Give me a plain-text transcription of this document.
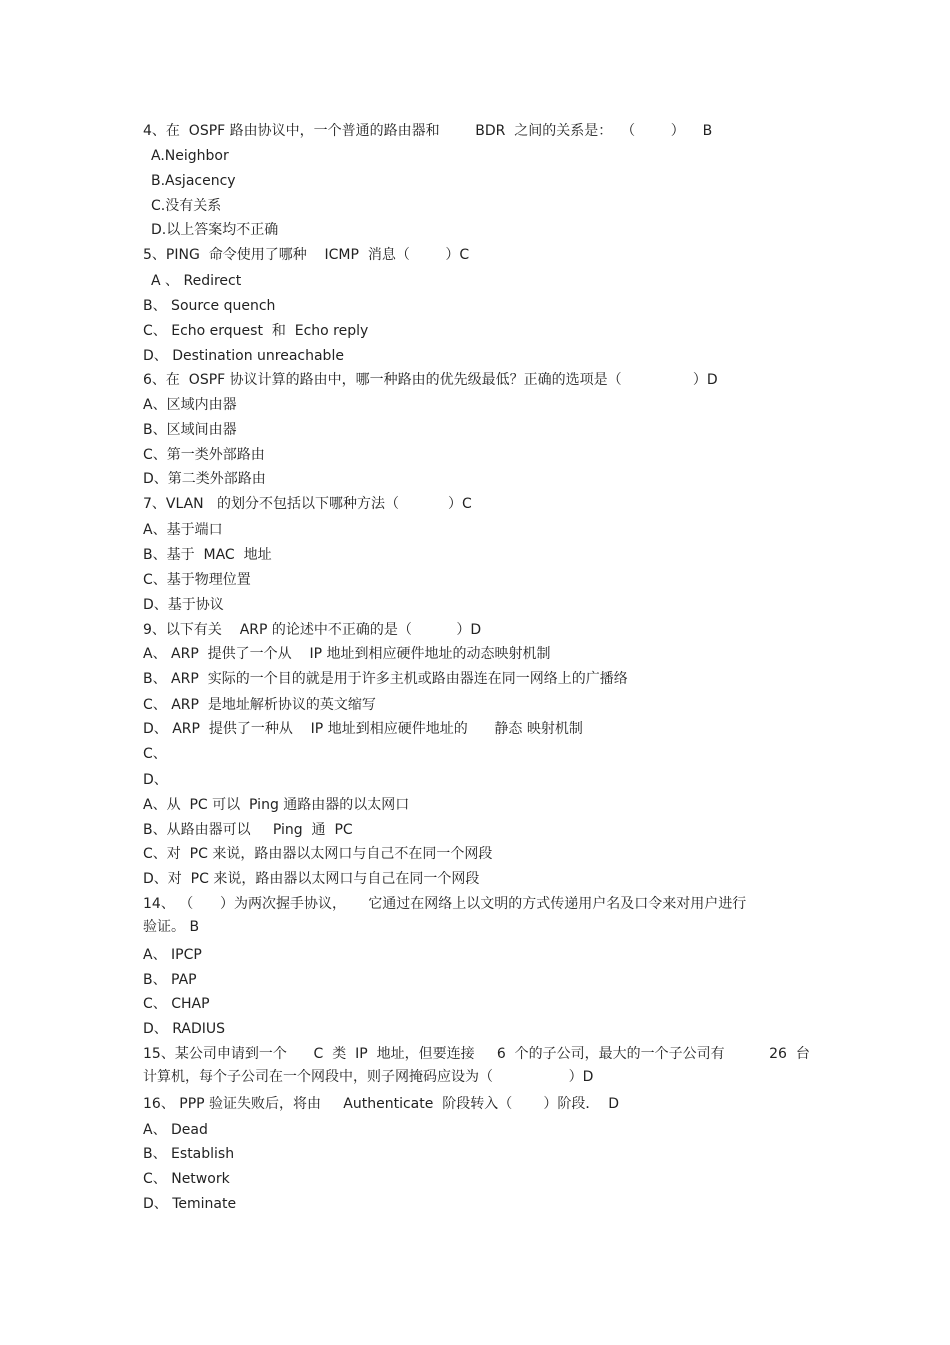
4、在  OSPF 路由协议中，一个普通的路由器和        BDR  之间的关系是：  （        ）    B
A.Neighbor
B.Asjacency
C.没有关系
D.以上答案均不正确
5、PING  命令使用了哪种    ICMP  消息（        ）C
A 、 Redirect
B、 Source quench
C、 Echo erquest  和  Echo reply
D、 Destination unreachable
6、在  OSPF 协议计算的路由中，哪一种路由的优先级最低？正确的选项是（                ）D
A、区域内由器
B、区域间由器
C、第一类外部路由
D、第二类外部路由
7、VLAN   的划分不包括以下哪种方法（           ）C
A、基于端口
B、基于  MAC  地址
C、基于物理位置
D、基于协议
9、以下有关    ARP 的论述中不正确的是（          ）D
A、 ARP  提供了一个从    IP 地址到相应硬件地址的动态映射机制
B、 ARP  实际的一个目的就是用于许多主机或路由器连在同一网络上的广播络
C、 ARP  是地址解析协议的英文缩写
D、 ARP  提供了一种从    IP 地址到相应硬件地址的      静态 映射机制
C、
D、
A、从  PC 可以  Ping 通路由器的以太网口
B、从路由器可以     Ping  通  PC
C、对  PC 来说，路由器以太网口与自己不在同一个网段
D、对  PC 来说，路由器以太网口与自己在同一个网段
14、 （      ）为两次握手协议，     它通过在网络上以文明的方式传递用户名及口令来对用户进行
验证。 B
A、 IPCP
B、 PAP
C、 CHAP
D、 RADIUS
15、某公司申请到一个      C  类  IP  地址，但要连接     6  个的子公司，最大的一个子公司有          26  台
计算机，每个子公司在一个网段中，则子网掩码应设为（                 ）D
16、 PPP 验证失败后，将由     Authenticate  阶段转入（       ）阶段．  D
A、 Dead
B、 Establish
C、 Network
D、 Teminate
